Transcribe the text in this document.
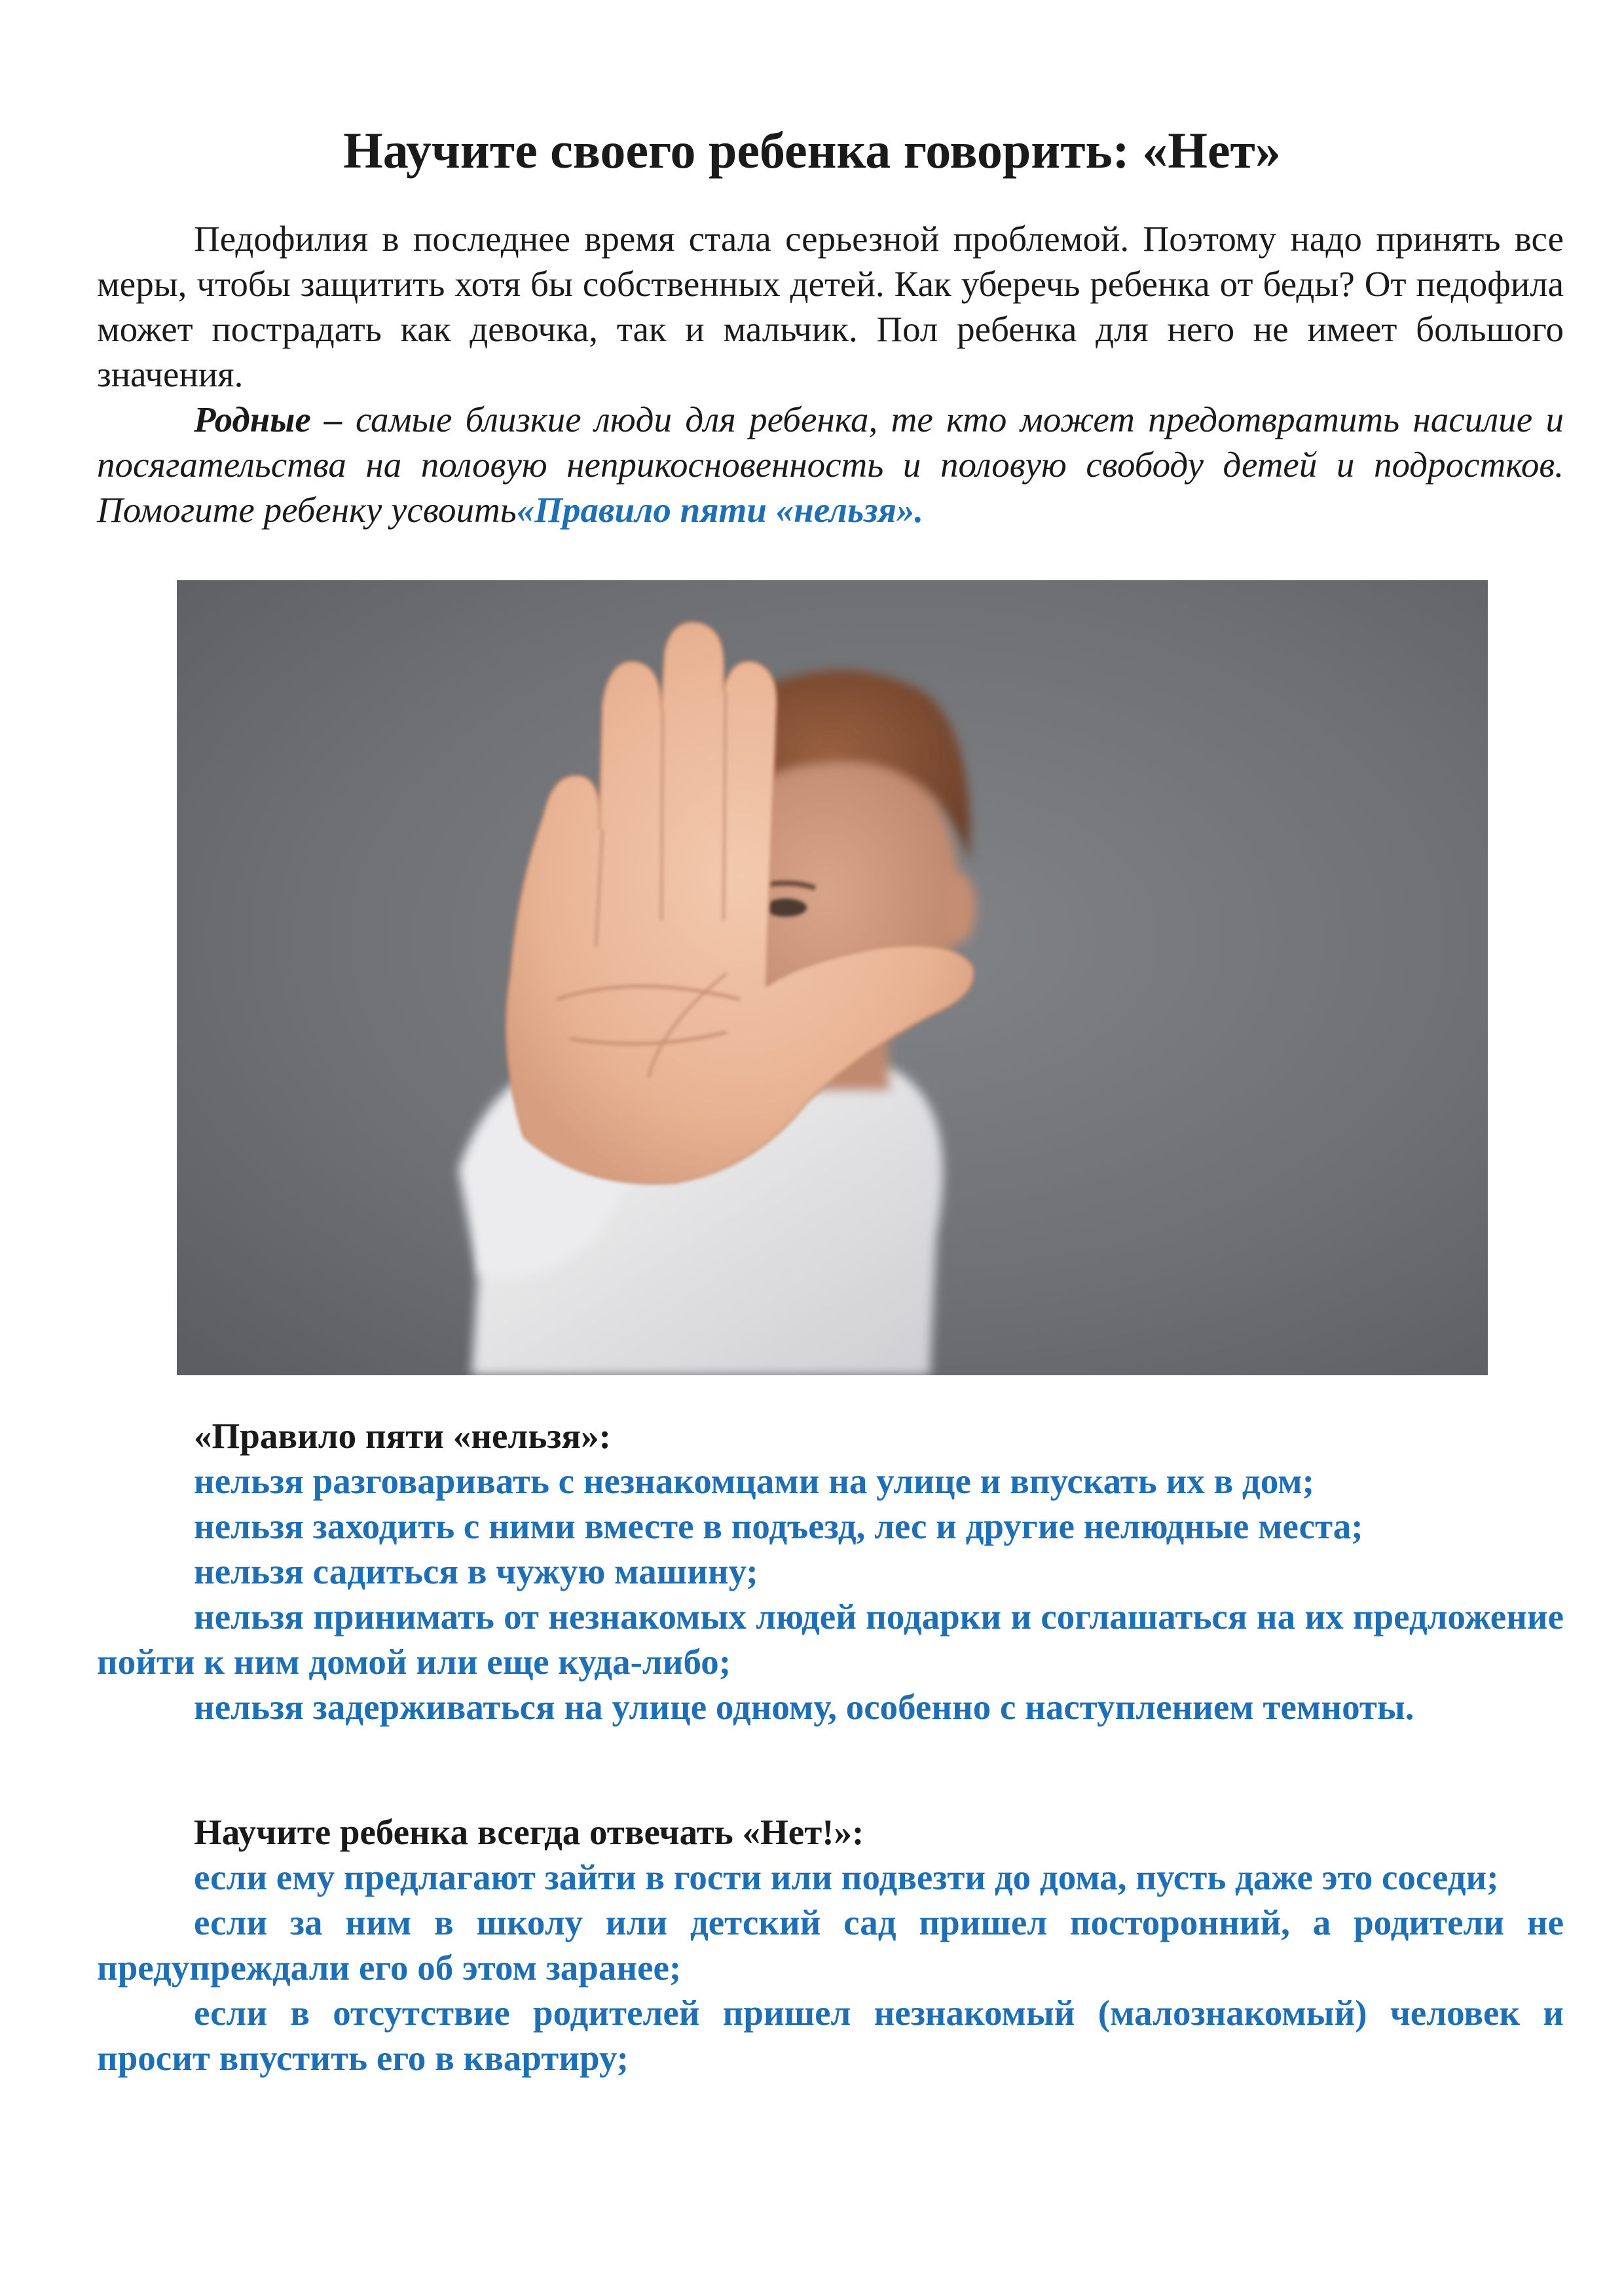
Научите своего ребенка говорить: «Нет»

Педофилия в последнее время стала серьезной проблемой. Поэтому надо принять все меры, чтобы защитить хотя бы собственных детей. Как уберечь ребенка от беды? От педофила может пострадать как девочка, так и мальчик. Пол ребенка для него не имеет большого значения.

Родные – самые близкие люди для ребенка, те кто может предотвратить насилие и посягательства на половую неприкосновенность и половую свободу детей и подростков. Помогите ребенку усвоить«Правило пяти «нельзя».

«Правило пяти «нельзя»:

нельзя разговаривать с незнакомцами на улице и впускать их в дом;

нельзя заходить с ними вместе в подъезд, лес и другие нелюдные места;

нельзя садиться в чужую машину;

нельзя принимать от незнакомых людей подарки и соглашаться на их предложение пойти к ним домой или еще куда-либо;

нельзя задерживаться на улице одному, особенно с наступлением темноты.

Научите ребенка всегда отвечать «Нет!»:

если ему предлагают зайти в гости или подвезти до дома, пусть даже это соседи;

если за ним в школу или детский сад пришел посторонний, а родители не предупреждали его об этом заранее;

если в отсутствие родителей пришел незнакомый (малознакомый) человек и просит впустить его в квартиру;
